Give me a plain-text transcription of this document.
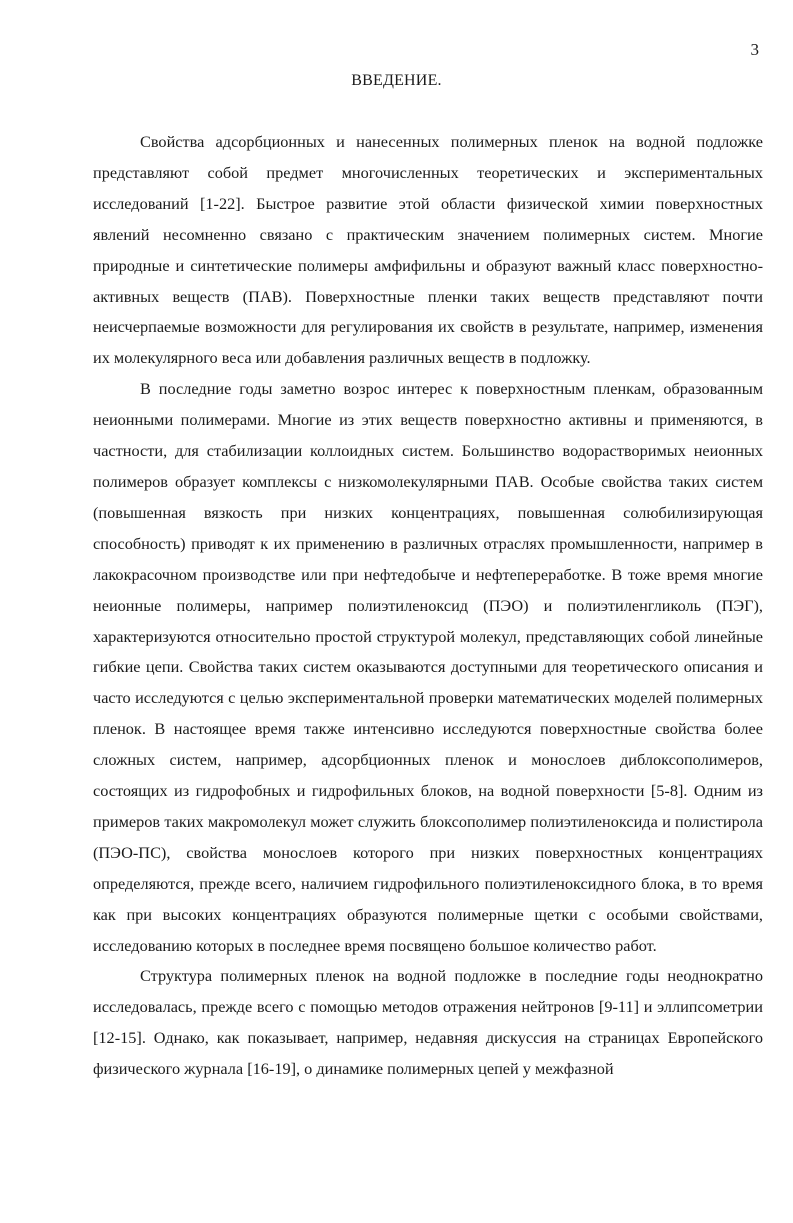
3
ВВЕДЕНИЕ.

Свойства адсорбционных и нанесенных полимерных пленок на водной подложке представляют собой предмет многочисленных теоретических и экспериментальных исследований [1-22]. Быстрое развитие этой области физической химии поверхностных явлений несомненно связано с практическим значением полимерных систем. Многие природные и синтетические полимеры амфифильны и образуют важный класс поверхностно-активных веществ (ПАВ). Поверхностные пленки таких веществ представляют почти неисчерпаемые возможности для регулирования их свойств в результате, например, изменения их молекулярного веса или добавления различных веществ в подложку.

В последние годы заметно возрос интерес к поверхностным пленкам, образованным неионными полимерами. Многие из этих веществ поверхностно активны и применяются, в частности, для стабилизации коллоидных систем. Большинство водорастворимых неионных полимеров образует комплексы с низкомолекулярными ПАВ. Особые свойства таких систем (повышенная вязкость при низких концентрациях, повышенная солюбилизирующая способность) приводят к их применению в различных отраслях промышленности, например в лакокрасочном производстве или при нефтедобыче и нефтепереработке. В тоже время многие неионные полимеры, например полиэтиленоксид (ПЭО) и полиэтиленгликоль (ПЭГ), характеризуются относительно простой структурой молекул, представляющих собой линейные гибкие цепи. Свойства таких систем оказываются доступными для теоретического описания и часто исследуются с целью экспериментальной проверки математических моделей полимерных пленок. В настоящее время также интенсивно исследуются поверхностные свойства более сложных систем, например, адсорбционных пленок и монослоев диблоксополимеров, состоящих из гидрофобных и гидрофильных блоков, на водной поверхности [5-8]. Одним из примеров таких макромолекул может служить блоксополимер полиэтиленоксида и полистирола (ПЭО-ПС), свойства монослоев которого при низких поверхностных концентрациях определяются, прежде всего, наличием гидрофильного полиэтиленоксидного блока, в то время как при высоких концентрациях образуются полимерные щетки с особыми свойствами, исследованию которых в последнее время посвящено большое количество работ.

Структура полимерных пленок на водной подложке в последние годы неоднократно исследовалась, прежде всего с помощью методов отражения нейтронов [9-11] и эллипсометрии [12-15]. Однако, как показывает, например, недавняя дискуссия на страницах Европейского физического журнала [16-19], о динамике полимерных цепей у межфазной
